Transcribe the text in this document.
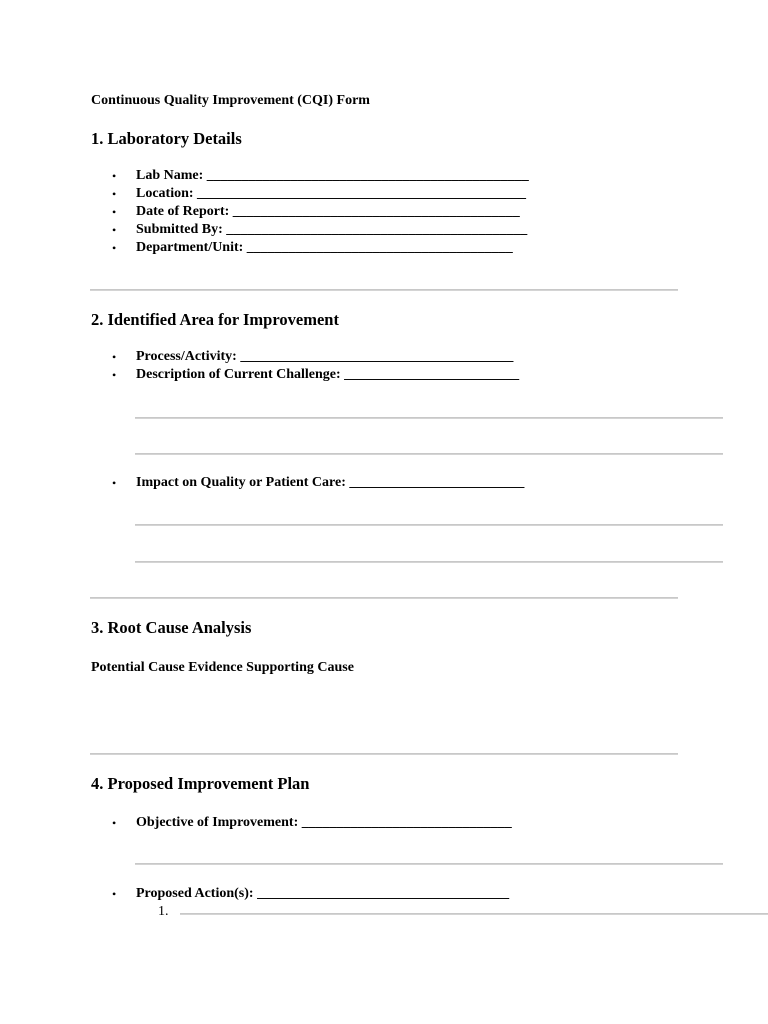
Continuous Quality Improvement (CQI) Form
1. Laboratory Details
• Lab Name: ______________________________________________
• Location: _______________________________________________
• Date of Report: _________________________________________
• Submitted By: ___________________________________________
• Department/Unit: ______________________________________
2. Identified Area for Improvement
• Process/Activity: _______________________________________
• Description of Current Challenge: _________________________
• Impact on Quality or Patient Care: _________________________
3. Root Cause Analysis
Potential Cause Evidence Supporting Cause
4. Proposed Improvement Plan
• Objective of Improvement: ______________________________
• Proposed Action(s): ____________________________________
1.
